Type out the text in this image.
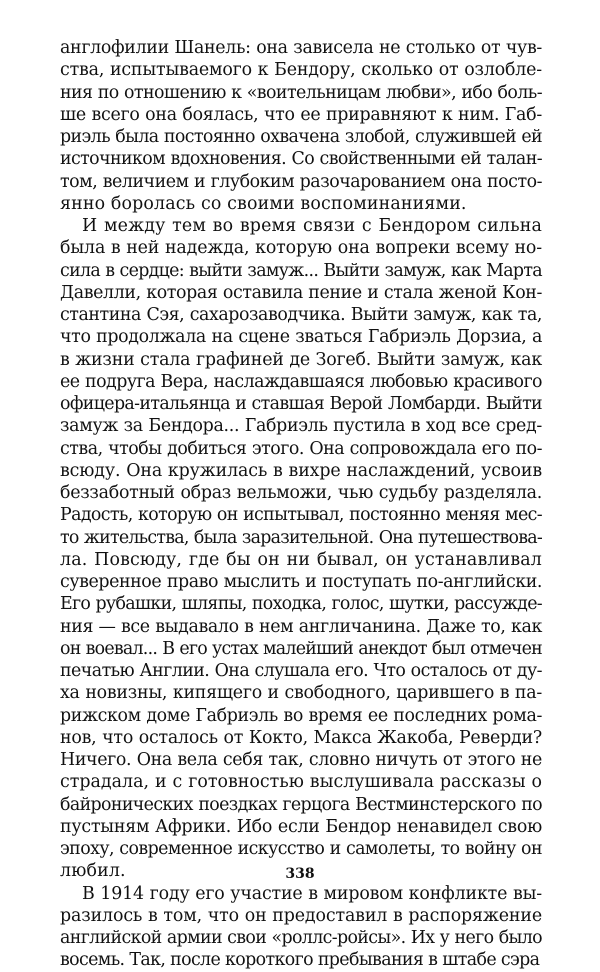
англофилии Шанель: она зависела не столько от чув-
ства, испытываемого к Бендору, сколько от озлобле-
ния по отношению к «воительницам любви», ибо боль-
ше всего она боялась, что ее приравняют к ним. Габ-
риэль была постоянно охвачена злобой, служившей ей
источником вдохновения. Со свойственными ей талан-
том, величием и глубоким разочарованием она посто-
янно боролась со своими воспоминаниями.
И между тем во время связи с Бендором сильна
была в ней надежда, которую она вопреки всему но-
сила в сердце: выйти замуж... Выйти замуж, как Марта
Давелли, которая оставила пение и стала женой Кон-
стантина Сэя, сахарозаводчика. Выйти замуж, как та,
что продолжала на сцене зваться Габриэль Дорзиа, а
в жизни стала графиней де Зогеб. Выйти замуж, как
ее подруга Вера, наслаждавшаяся любовью красивого
офицера-итальянца и ставшая Верой Ломбарди. Выйти
замуж за Бендора... Габриэль пустила в ход все сред-
ства, чтобы добиться этого. Она сопровождала его по-
всюду. Она кружилась в вихре наслаждений, усвоив
беззаботный образ вельможи, чью судьбу разделяла.
Радость, которую он испытывал, постоянно меняя мес-
то жительства, была заразительной. Она путешествова-
ла. Повсюду, где бы он ни бывал, он устанавливал
суверенное право мыслить и поступать по-английски.
Его рубашки, шляпы, походка, голос, шутки, рассужде-
ния — все выдавало в нем англичанина. Даже то, как
он воевал... В его устах малейший анекдот был отмечен
печатью Англии. Она слушала его. Что осталось от ду-
ха новизны, кипящего и свободного, царившего в па-
рижском доме Габриэль во время ее последних рома-
нов, что осталось от Кокто, Макса Жакоба, Реверди?
Ничего. Она вела себя так, словно ничуть от этого не
страдала, и с готовностью выслушивала рассказы о
байронических поездках герцога Вестминстерского по
пустыням Африки. Ибо если Бендор ненавидел свою
эпоху, современное искусство и самолеты, то войну он
любил.
В 1914 году его участие в мировом конфликте вы-
разилось в том, что он предоставил в распоряжение
английской армии свои «роллс-ройсы». Их у него было
восемь. Так, после короткого пребывания в штабе сэра
338
